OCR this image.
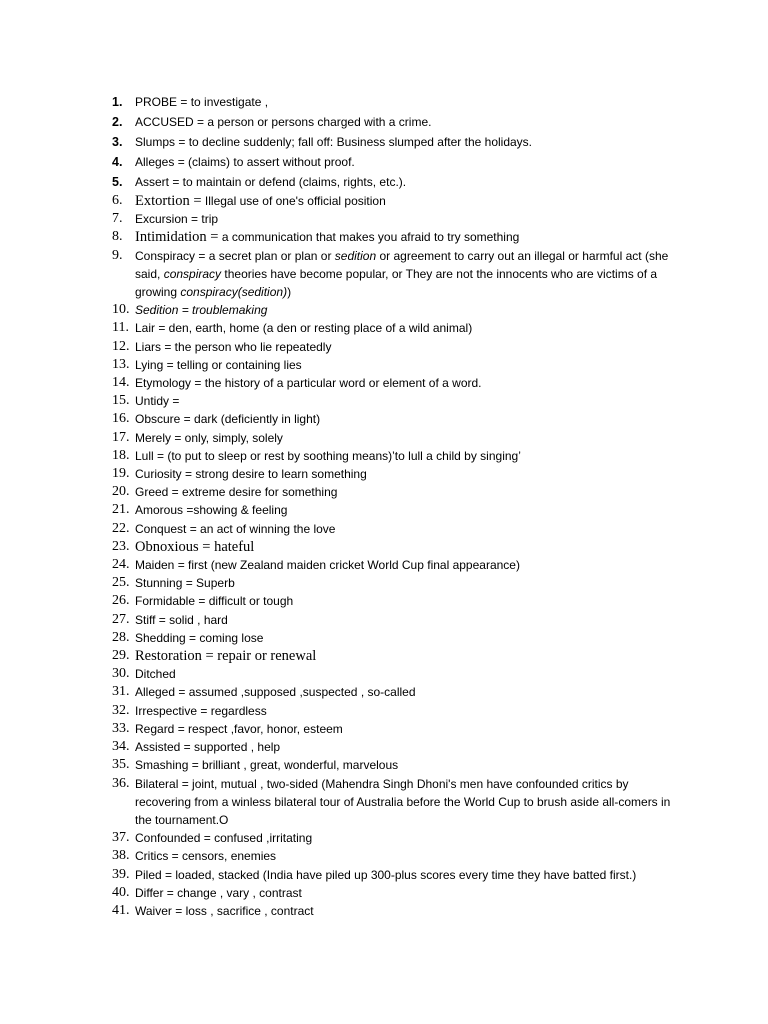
1. PROBE = to investigate ,
2. ACCUSED = a person or persons charged with a crime.
3. Slumps = to decline suddenly; fall off: Business slumped after the holidays.
4. Alleges = (claims) to assert without proof.
5. Assert = to maintain or defend (claims, rights, etc.).
6. Extortion = Illegal use of one's official position
7. Excursion = trip
8. Intimidation = a communication that makes you afraid to try something
9. Conspiracy = a secret plan or plan or sedition or agreement to carry out an illegal or harmful act (she said, conspiracy theories have become popular, or They are not the innocents who are victims of a growing conspiracy(sedition))
10. Sedition = troublemaking
11. Lair = den, earth, home (a den or resting place of a wild animal)
12. Liars = the person who lie repeatedly
13. Lying = telling or containing lies
14. Etymology = the history of a particular word or element of a word.
15. Untidy =
16. Obscure = dark (deficiently in light)
17. Merely = only, simply, solely
18. Lull = (to put to sleep or rest by soothing means)’to lull a child by singing’
19. Curiosity = strong desire to learn something
20. Greed = extreme desire for something
21. Amorous =showing & feeling
22. Conquest = an act of winning the love
23. Obnoxious = hateful
24. Maiden = first (new Zealand maiden cricket World Cup final appearance)
25. Stunning = Superb
26. Formidable = difficult or tough
27. Stiff = solid , hard
28. Shedding = coming lose
29. Restoration = repair or renewal
30. Ditched
31. Alleged = assumed ,supposed ,suspected , so-called
32. Irrespective = regardless
33. Regard = respect ,favor, honor, esteem
34. Assisted = supported , help
35. Smashing = brilliant , great, wonderful, marvelous
36. Bilateral = joint, mutual , two-sided (Mahendra Singh Dhoni's men have confounded critics by recovering from a winless bilateral tour of Australia before the World Cup to brush aside all-comers in the tournament.O
37. Confounded = confused ,irritating
38. Critics = censors, enemies
39. Piled = loaded, stacked (India have piled up 300-plus scores every time they have batted first.)
40. Differ = change , vary , contrast
41. Waiver = loss , sacrifice , contract
